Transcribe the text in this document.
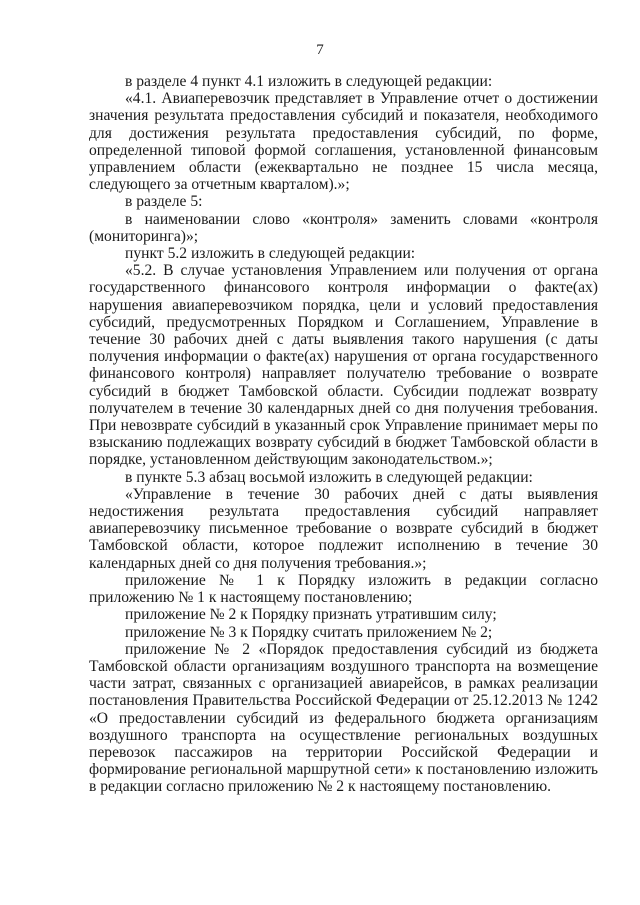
7

в разделе 4 пункт 4.1 изложить в следующей редакции:

«4.1. Авиаперевозчик представляет в Управление отчет о достижении значения результата предоставления субсидий и показателя, необходимого для достижения результата предоставления субсидий, по форме, определенной типовой формой соглашения, установленной финансовым управлением области (ежеквартально не позднее 15 числа месяца, следующего за отчетным кварталом).»;

в разделе 5:

в наименовании слово «контроля» заменить словами «контроля (мониторинга)»;

пункт 5.2 изложить в следующей редакции:

«5.2. В случае установления Управлением или получения от органа государственного финансового контроля информации о факте(ах) нарушения авиаперевозчиком порядка, цели и условий предоставления субсидий, предусмотренных Порядком и Соглашением, Управление в течение 30 рабочих дней с даты выявления такого нарушения (с даты получения информации о факте(ах) нарушения от органа государственного финансового контроля) направляет получателю требование о возврате субсидий в бюджет Тамбовской области. Субсидии подлежат возврату получателем в течение 30 календарных дней со дня получения требования. При невозврате субсидий в указанный срок Управление принимает меры по взысканию подлежащих возврату субсидий в бюджет Тамбовской области в порядке, установленном действующим законодательством.»;

в пункте 5.3 абзац восьмой изложить в следующей редакции:

«Управление в течение 30 рабочих дней с даты выявления недостижения результата предоставления субсидий направляет авиаперевозчику письменное требование о возврате субсидий в бюджет Тамбовской области, которое подлежит исполнению в течение 30 календарных дней со дня получения требования.»;

приложение № 1 к Порядку изложить в редакции согласно приложению № 1 к настоящему постановлению;

приложение № 2 к Порядку признать утратившим силу;

приложение № 3 к Порядку считать приложением № 2;

приложение № 2 «Порядок предоставления субсидий из бюджета Тамбовской области организациям воздушного транспорта на возмещение части затрат, связанных с организацией авиарейсов, в рамках реализации постановления Правительства Российской Федерации от 25.12.2013 № 1242 «О предоставлении субсидий из федерального бюджета организациям воздушного транспорта на осуществление региональных воздушных перевозок пассажиров на территории Российской Федерации и формирование региональной маршрутной сети» к постановлению изложить в редакции согласно приложению № 2 к настоящему постановлению.
